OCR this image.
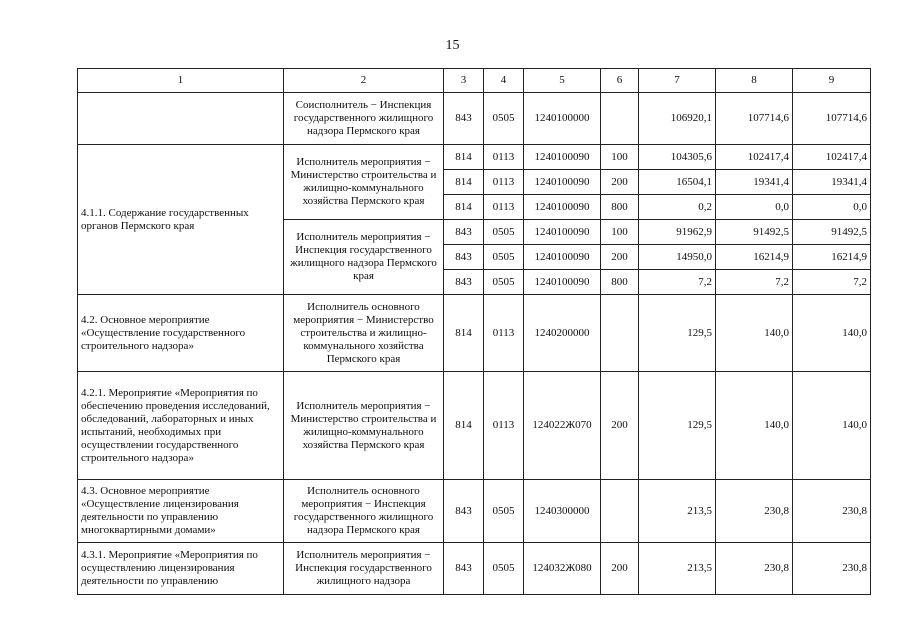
15
1	2	3	4	5	6	7	8	9
	Соисполнитель − Инспекция государственного жилищного надзора Пермского края	843	0505	1240100000		106920,1	107714,6	107714,6
4.1.1. Содержание государственных органов Пермского края	Исполнитель мероприятия − Министерство строительства и жилищно-коммунального хозяйства Пермского края	814	0113	1240100090	100	104305,6	102417,4	102417,4
		814	0113	1240100090	200	16504,1	19341,4	19341,4
		814	0113	1240100090	800	0,2	0,0	0,0
	Исполнитель мероприятия − Инспекция государственного жилищного надзора Пермского края	843	0505	1240100090	100	91962,9	91492,5	91492,5
		843	0505	1240100090	200	14950,0	16214,9	16214,9
		843	0505	1240100090	800	7,2	7,2	7,2
4.2. Основное мероприятие «Осуществление государственного строительного надзора»	Исполнитель основного мероприятия − Министерство строительства и жилищно-коммунального хозяйства Пермского края	814	0113	1240200000		129,5	140,0	140,0
4.2.1. Мероприятие «Мероприятия по обеспечению проведения исследований, обследований, лабораторных и иных испытаний, необходимых при осуществлении государственного строительного надзора»	Исполнитель мероприятия − Министерство строительства и жилищно-коммунального хозяйства Пермского края	814	0113	124022Ж070	200	129,5	140,0	140,0
4.3. Основное мероприятие «Осуществление лицензирования деятельности по управлению многоквартирными домами»	Исполнитель основного мероприятия − Инспекция государственного жилищного надзора Пермского края	843	0505	1240300000		213,5	230,8	230,8
4.3.1. Мероприятие «Мероприятия по осуществлению лицензирования деятельности по управлению	Исполнитель мероприятия − Инспекция государственного жилищного надзора	843	0505	124032Ж080	200	213,5	230,8	230,8
